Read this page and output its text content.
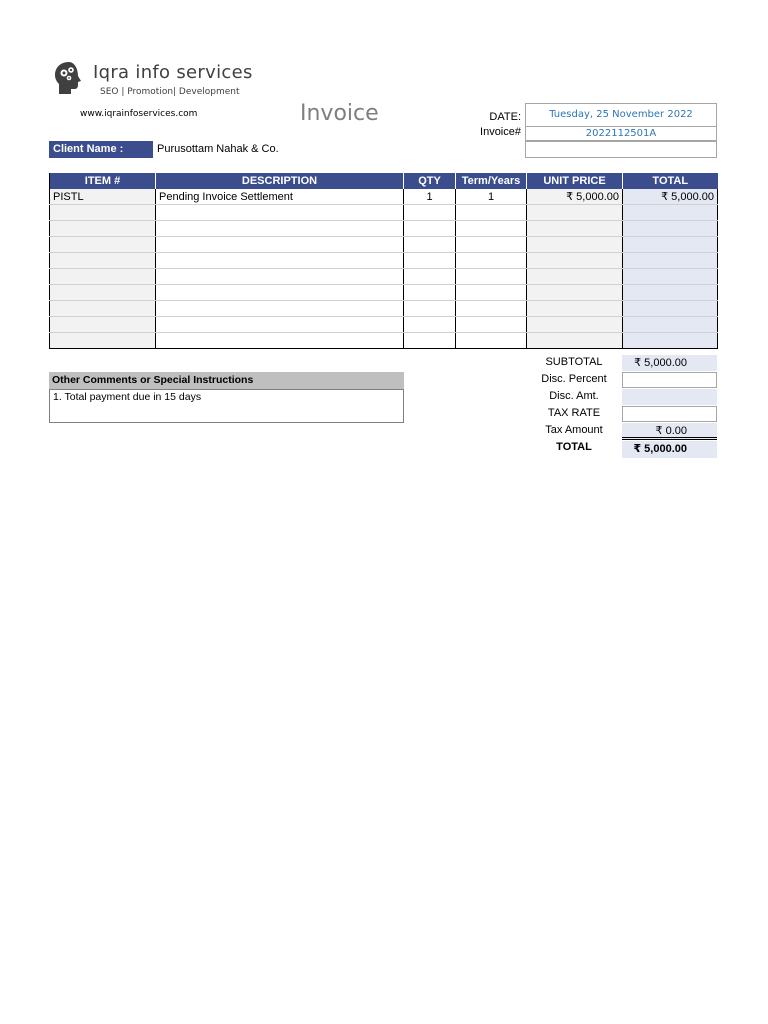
Iqra info services
SEO | Promotion| Development
www.iqrainfoservices.com	Invoice	DATE:	Tuesday, 25 November 2022
Invoice#	2022112501A
Client Name :	Purusottam Nahak & Co.
ITEM #	DESCRIPTION	QTY	Term/Years	UNIT PRICE	TOTAL
PISTL	Pending Invoice Settlement	1	1	₹ 5,000.00	₹ 5,000.00

SUBTOTAL	₹ 5,000.00
Disc. Percent
Disc. Amt.
TAX RATE
Tax Amount	₹ 0.00
TOTAL	₹ 5,000.00
Other Comments or Special Instructions
1. Total payment due in 15 days
